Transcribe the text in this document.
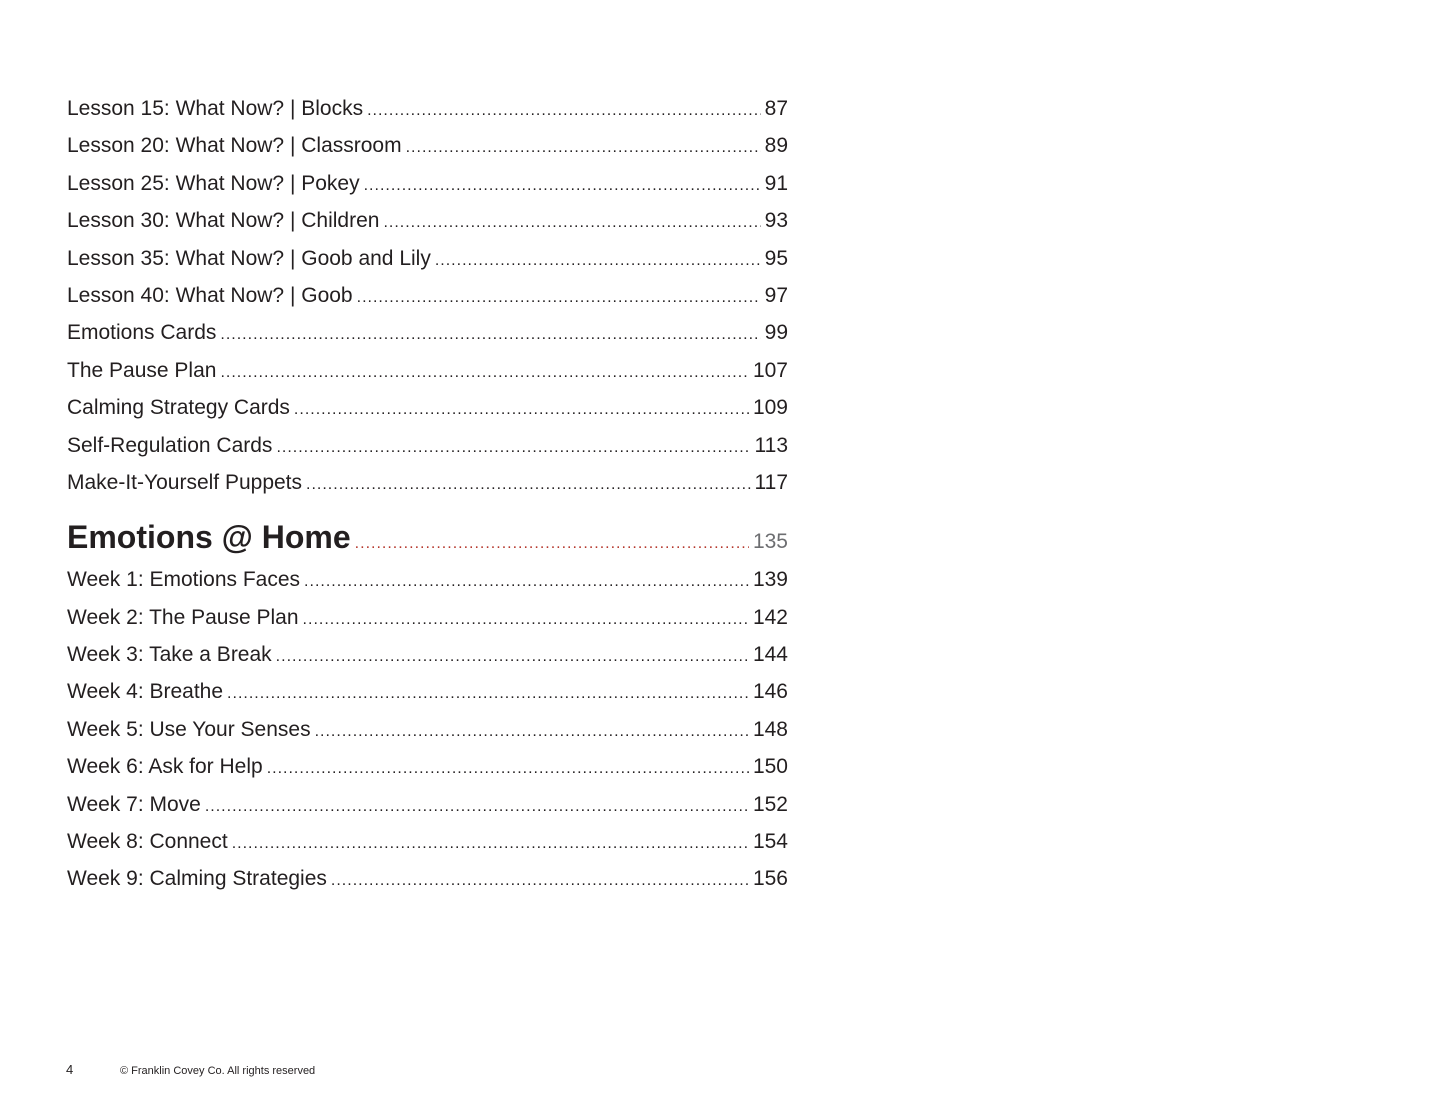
Lesson 15: What Now? | Blocks .....	87
Lesson 20: What Now? | Classroom .....	89
Lesson 25: What Now? | Pokey .....	91
Lesson 30: What Now? | Children .....	93
Lesson 35: What Now? | Goob and Lily .....	95
Lesson 40: What Now? | Goob .....	97
Emotions Cards .....	99
The Pause Plan .....	107
Calming Strategy Cards .....	109
Self-Regulation Cards .....	113
Make-It-Yourself Puppets .....	117
Emotions @ Home .....	135
Week 1: Emotions Faces .....	139
Week 2: The Pause Plan .....	142
Week 3: Take a Break .....	144
Week 4: Breathe .....	146
Week 5: Use Your Senses .....	148
Week 6: Ask for Help .....	150
Week 7: Move .....	152
Week 8: Connect .....	154
Week 9: Calming Strategies .....	156
4	© Franklin Covey Co. All rights reserved
